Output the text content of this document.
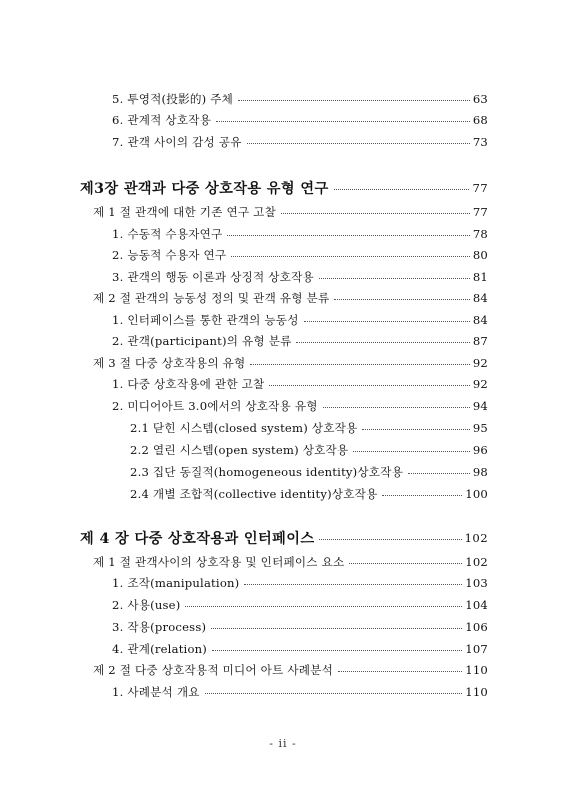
5. 투영적(投影的) 주체	63
6. 관계적 상호작용	68
7. 관객 사이의 감성 공유	73
제3장 관객과 다중 상호작용 유형 연구	77
제 1 절 관객에 대한 기존 연구 고찰	77
1. 수동적 수용자연구	78
2. 능동적 수용자 연구	80
3. 관객의 행동 이론과 상징적 상호작용	81
제 2 절 관객의 능동성 정의 및 관객 유형 분류	84
1. 인터페이스를 통한 관객의 능동성	84
2. 관객(participant)의 유형 분류	87
제 3 절 다중 상호작용의 유형	92
1. 다중 상호작용에 관한 고찰	92
2. 미디어아트 3.0에서의 상호작용 유형	94
2.1 닫힌 시스템(closed system) 상호작용	95
2.2 열린 시스템(open system) 상호작용	96
2.3 집단 동질적(homogeneous identity)상호작용	98
2.4 개별 조합적(collective identity)상호작용	100
제 4 장 다중 상호작용과 인터페이스	102
제 1 절 관객사이의 상호작용 및 인터페이스 요소	102
1. 조작(manipulation)	103
2. 사용(use)	104
3. 작용(process)	106
4. 관계(relation)	107
제 2 절 다중 상호작용적 미디어 아트 사례분석	110
1. 사례분석 개요	110
- ii -
